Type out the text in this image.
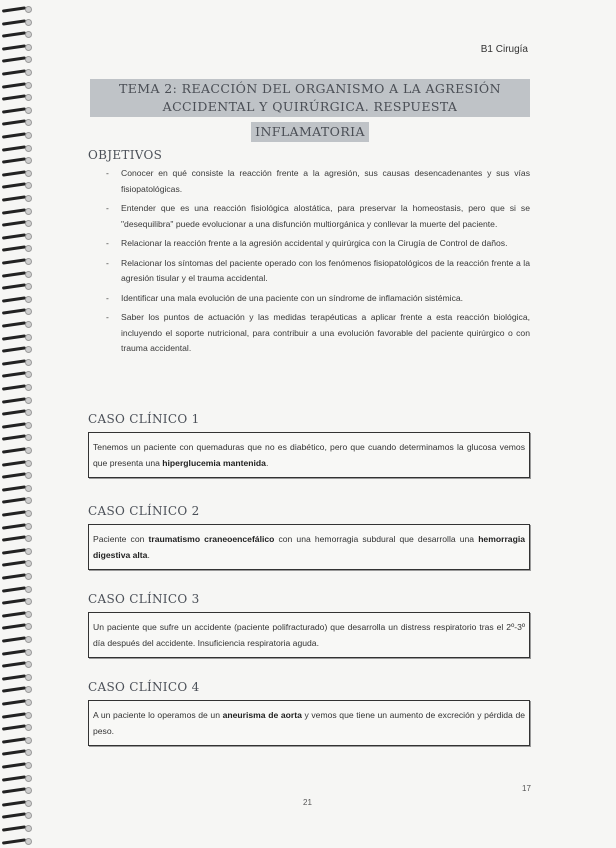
B1 Cirugía
TEMA 2: REACCIÓN DEL ORGANISMO A LA AGRESIÓN ACCIDENTAL Y QUIRÚRGICA. RESPUESTA
INFLAMATORIA
OBJETIVOS
- Conocer en qué consiste la reacción frente a la agresión, sus causas desencadenantes y sus vías fisiopatológicas.
- Entender que es una reacción fisiológica alostática, para preservar la homeostasis, pero que si se "desequilibra" puede evolucionar a una disfunción multiorgánica y conllevar la muerte del paciente.
- Relacionar la reacción frente a la agresión accidental y quirúrgica con la Cirugía de Control de daños.
- Relacionar los síntomas del paciente operado con los fenómenos fisiopatológicos de la reacción frente a la agresión tisular y el trauma accidental.
- Identificar una mala evolución de una paciente con un síndrome de inflamación sistémica.
- Saber los puntos de actuación y las medidas terapéuticas a aplicar frente a esta reacción biológica, incluyendo el soporte nutricional, para contribuir a una evolución favorable del paciente quirúrgico o con trauma accidental.
CASO CLÍNICO 1
Tenemos un paciente con quemaduras que no es diabético, pero que cuando determinamos la glucosa vemos que presenta una hiperglucemia mantenida.
CASO CLÍNICO 2
Paciente con traumatismo craneoencefálico con una hemorragia subdural que desarrolla una hemorragia digestiva alta.
CASO CLÍNICO 3
Un paciente que sufre un accidente (paciente polifracturado) que desarrolla un distress respiratorio tras el 2º-3º día después del accidente. Insuficiencia respiratoria aguda.
CASO CLÍNICO 4
A un paciente lo operamos de un aneurisma de aorta y vemos que tiene un aumento de excreción y pérdida de peso.
17
21
